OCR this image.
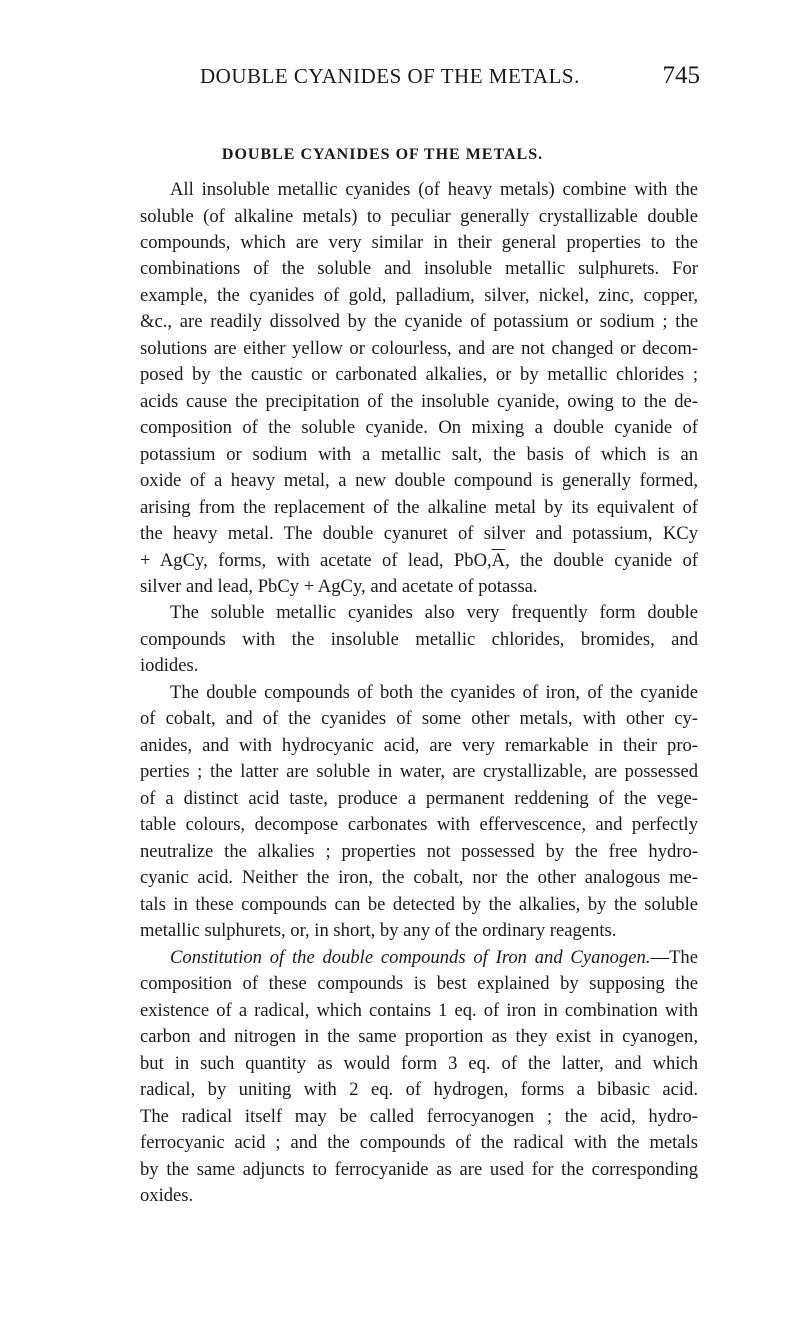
DOUBLE CYANIDES OF THE METALS.	745
DOUBLE CYANIDES OF THE METALS.
All insoluble metallic cyanides (of heavy metals) combine with the
soluble (of alkaline metals) to peculiar generally crystallizable double
compounds, which are very similar in their general properties to the
combinations of the soluble and insoluble metallic sulphurets. For
example, the cyanides of gold, palladium, silver, nickel, zinc, copper,
&c., are readily dissolved by the cyanide of potassium or sodium ; the
solutions are either yellow or colourless, and are not changed or decom-
posed by the caustic or carbonated alkalies, or by metallic chlorides ;
acids cause the precipitation of the insoluble cyanide, owing to the de-
composition of the soluble cyanide. On mixing a double cyanide of
potassium or sodium with a metallic salt, the basis of which is an
oxide of a heavy metal, a new double compound is generally formed,
arising from the replacement of the alkaline metal by its equivalent of
the heavy metal. The double cyanuret of silver and potassium, KCy
+ AgCy, forms, with acetate of lead, $PbO,\overline{A}$, the double cyanide of
silver and lead, PbCy + AgCy, and acetate of potassa.
The soluble metallic cyanides also very frequently form double
compounds with the insoluble metallic chlorides, bromides, and
iodides.
The double compounds of both the cyanides of iron, of the cyanide
of cobalt, and of the cyanides of some other metals, with other cy-
anides, and with hydrocyanic acid, are very remarkable in their pro-
perties ; the latter are soluble in water, are crystallizable, are possessed
of a distinct acid taste, produce a permanent reddening of the vege-
table colours, decompose carbonates with effervescence, and perfectly
neutralize the alkalies ; properties not possessed by the free hydro-
cyanic acid. Neither the iron, the cobalt, nor the other analogous me-
tals in these compounds can be detected by the alkalies, by the soluble
metallic sulphurets, or, in short, by any of the ordinary reagents.
Constitution of the double compounds of Iron and Cyanogen.—The
composition of these compounds is best explained by supposing the
existence of a radical, which contains 1 eq. of iron in combination with
carbon and nitrogen in the same proportion as they exist in cyanogen,
but in such quantity as would form 3 eq. of the latter, and which
radical, by uniting with 2 eq. of hydrogen, forms a bibasic acid.
The radical itself may be called ferrocyanogen ; the acid, hydro-
ferrocyanic acid ; and the compounds of the radical with the metals
by the same adjuncts to ferrocyanide as are used for the corresponding
oxides.
